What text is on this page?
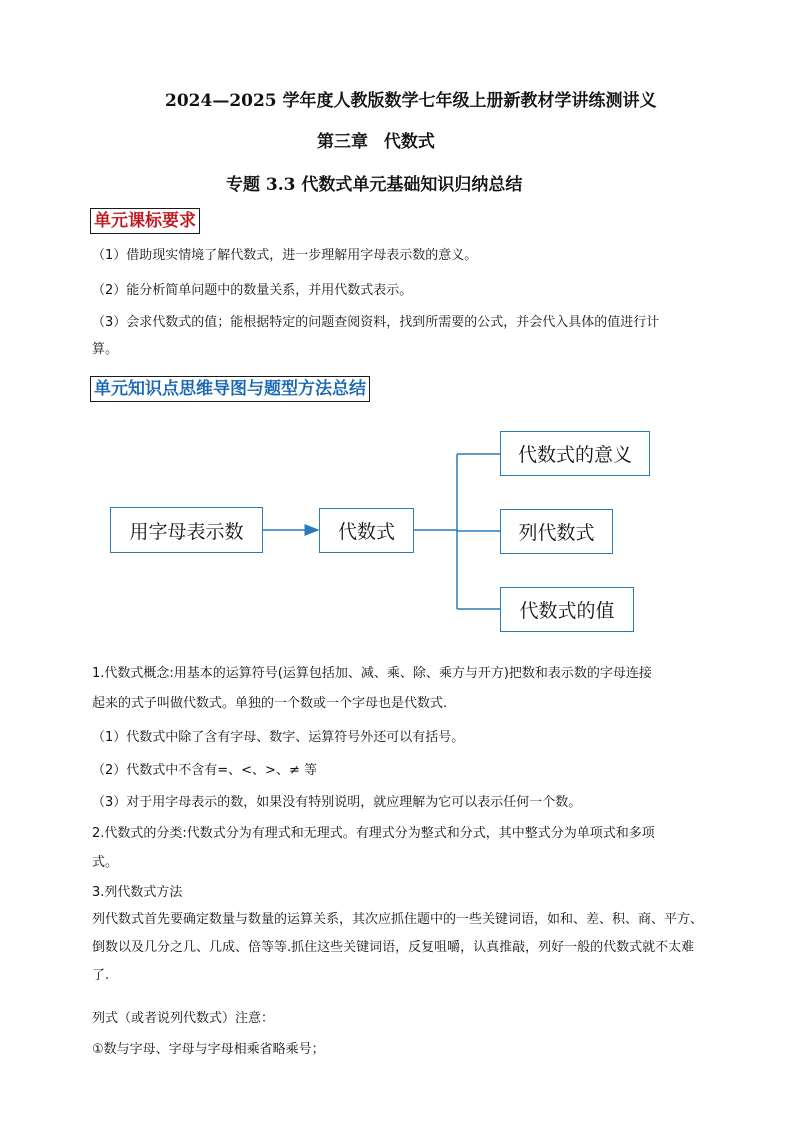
2024—2025 学年度人教版数学七年级上册新教材学讲练测讲义
第三章 代数式
专题 3.3 代数式单元基础知识归纳总结
单元课标要求
（1）借助现实情境了解代数式，进一步理解用字母表示数的意义。
（2）能分析简单问题中的数量关系，并用代数式表示。
（3）会求代数式的值；能根据特定的问题查阅资料，找到所需要的公式，并会代入具体的值进行计
算。
单元知识点思维导图与题型方法总结
用字母表示数	代数式
代数式的意义
列代数式
代数式的值
1.代数式概念:用基本的运算符号(运算包括加、减、乘、除、乘方与开方)把数和表示数的字母连接
起来的式子叫做代数式。单独的一个数或一个字母也是代数式.
（1）代数式中除了含有字母、数字、运算符号外还可以有括号。
（2）代数式中不含有=、<、>、≠ 等
（3）对于用字母表示的数，如果没有特别说明，就应理解为它可以表示任何一个数。
2.代数式的分类:代数式分为有理式和无理式。有理式分为整式和分式，其中整式分为单项式和多项
式。
3.列代数式方法
列代数式首先要确定数量与数量的运算关系，其次应抓住题中的一些关键词语，如和、差、积、商、平方、倒数以及几分之几、几成、倍等等.抓住这些关键词语，反复咀嚼，认真推敲，列好一般的代数式就不太难了.
列式（或者说列代数式）注意：
①数与字母、字母与字母相乘省略乘号；
